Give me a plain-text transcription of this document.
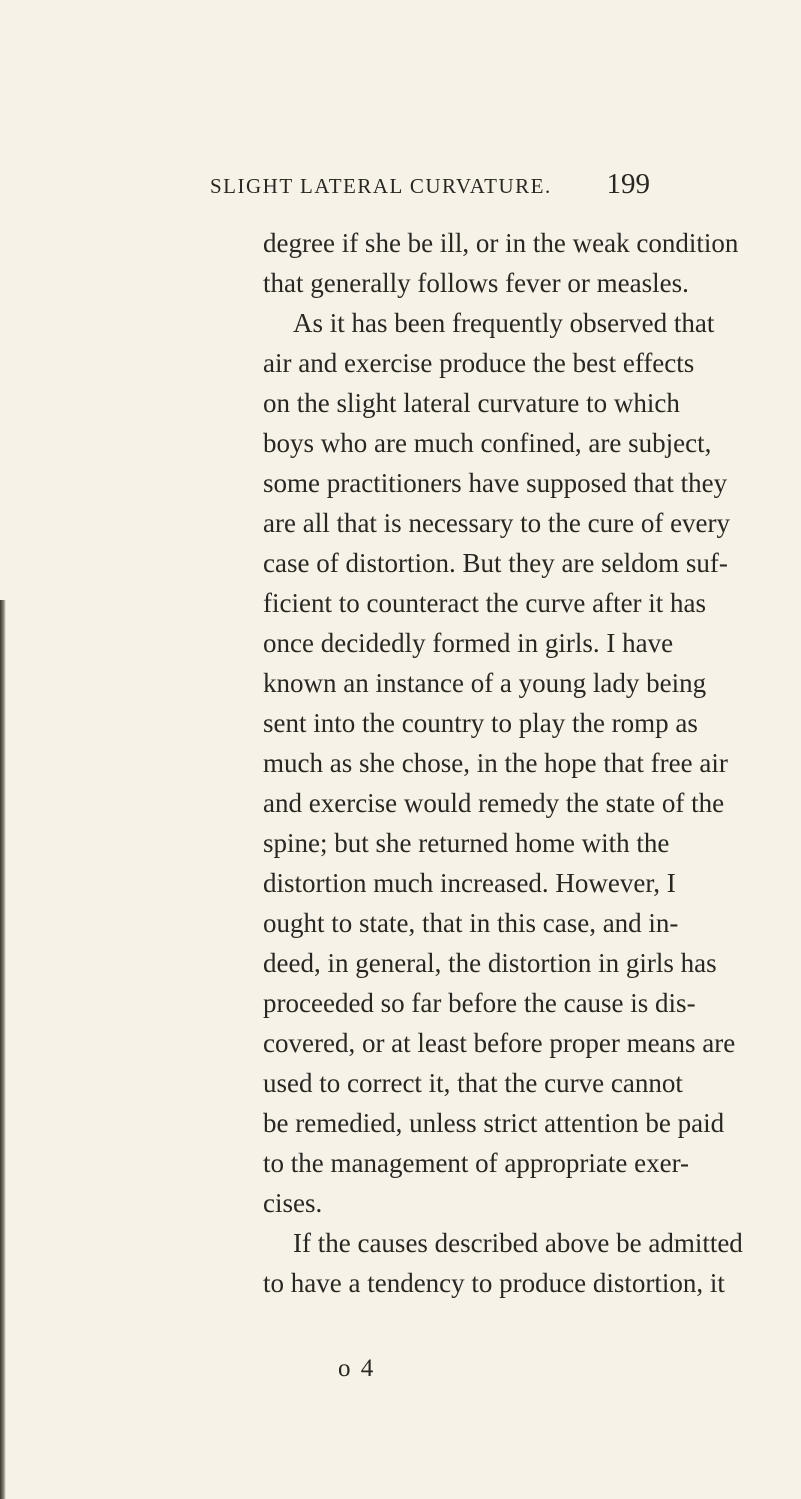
SLIGHT LATERAL CURVATURE. 199
degree if she be ill, or in the weak condition
that generally follows fever or measles.
As it has been frequently observed that
air and exercise produce the best effects
on the slight lateral curvature to which
boys who are much confined, are subject,
some practitioners have supposed that they
are all that is necessary to the cure of every
case of distortion. But they are seldom suf-
ficient to counteract the curve after it has
once decidedly formed in girls. I have
known an instance of a young lady being
sent into the country to play the romp as
much as she chose, in the hope that free air
and exercise would remedy the state of the
spine; but she returned home with the
distortion much increased. However, I
ought to state, that in this case, and in-
deed, in general, the distortion in girls has
proceeded so far before the cause is dis-
covered, or at least before proper means are
used to correct it, that the curve cannot
be remedied, unless strict attention be paid
to the management of appropriate exer-
cises.
If the causes described above be admitted
to have a tendency to produce distortion, it
o 4
